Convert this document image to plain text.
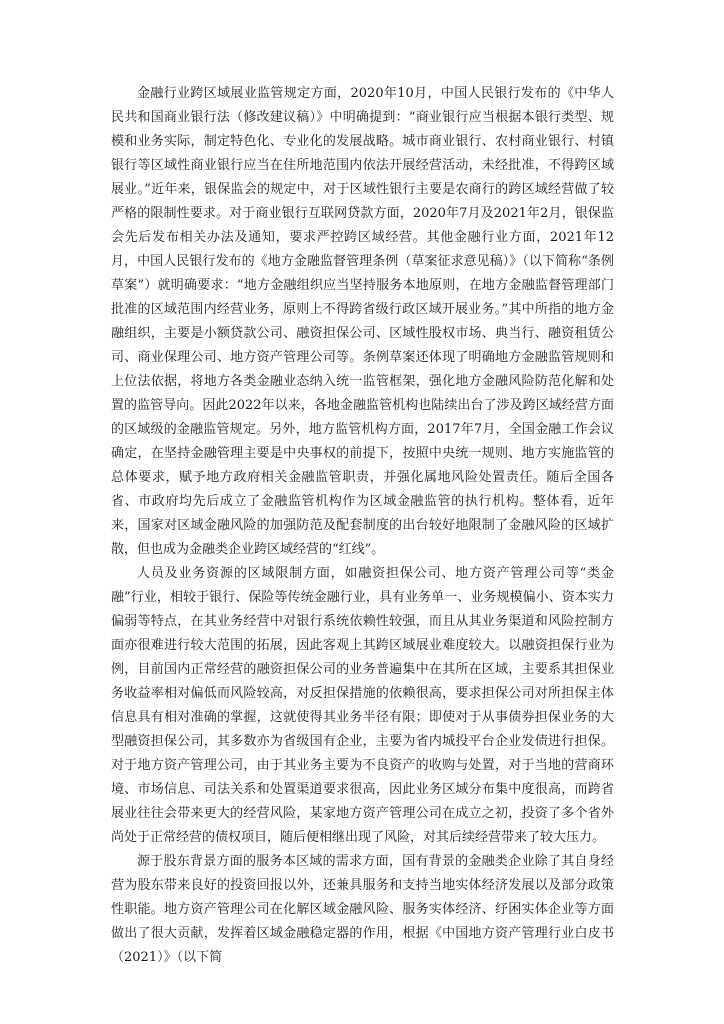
金融行业跨区域展业监管规定方面，2020年10月，中国人民银行发布的《中华人民共和国商业银行法（修改建议稿）》中明确提到：“商业银行应当根据本银行类型、规模和业务实际，制定特色化、专业化的发展战略。城市商业银行、农村商业银行、村镇银行等区域性商业银行应当在住所地范围内依法开展经营活动，未经批准，不得跨区域展业。”近年来，银保监会的规定中，对于区域性银行主要是农商行的跨区域经营做了较严格的限制性要求。对于商业银行互联网贷款方面，2020年7月及2021年2月，银保监会先后发布相关办法及通知，要求严控跨区域经营。其他金融行业方面，2021年12月，中国人民银行发布的《地方金融监督管理条例（草案征求意见稿）》（以下简称“条例草案”）就明确要求：“地方金融组织应当坚持服务本地原则，在地方金融监督管理部门批准的区域范围内经营业务，原则上不得跨省级行政区域开展业务。”其中所指的地方金融组织，主要是小额贷款公司、融资担保公司、区域性股权市场、典当行、融资租赁公司、商业保理公司、地方资产管理公司等。条例草案还体现了明确地方金融监管规则和上位法依据，将地方各类金融业态纳入统一监管框架，强化地方金融风险防范化解和处置的监管导向。因此2022年以来，各地金融监管机构也陆续出台了涉及跨区域经营方面的区域级的金融监管规定。另外，地方监管机构方面，2017年7月，全国金融工作会议确定，在坚持金融管理主要是中央事权的前提下，按照中央统一规则、地方实施监管的总体要求，赋予地方政府相关金融监管职责，并强化属地风险处置责任。随后全国各省、市政府均先后成立了金融监管机构作为区域金融监管的执行机构。整体看，近年来，国家对区域金融风险的加强防范及配套制度的出台较好地限制了金融风险的区域扩散，但也成为金融类企业跨区域经营的“红线”。

人员及业务资源的区域限制方面，如融资担保公司、地方资产管理公司等“类金融”行业，相较于银行、保险等传统金融行业，具有业务单一、业务规模偏小、资本实力偏弱等特点，在其业务经营中对银行系统依赖性较强，而且从其业务渠道和风险控制方面亦很难进行较大范围的拓展，因此客观上其跨区域展业难度较大。以融资担保行业为例，目前国内正常经营的融资担保公司的业务普遍集中在其所在区域，主要系其担保业务收益率相对偏低而风险较高，对反担保措施的依赖很高，要求担保公司对所担保主体信息具有相对准确的掌握，这就使得其业务半径有限；即使对于从事债券担保业务的大型融资担保公司，其多数亦为省级国有企业，主要为省内城投平台企业发债进行担保。对于地方资产管理公司，由于其业务主要为不良资产的收购与处置，对于当地的营商环境、市场信息、司法关系和处置渠道要求很高，因此业务区域分布集中度很高，而跨省展业往往会带来更大的经营风险，某家地方资产管理公司在成立之初，投资了多个省外尚处于正常经营的债权项目，随后便相继出现了风险，对其后续经营带来了较大压力。

源于股东背景方面的服务本区域的需求方面，国有背景的金融类企业除了其自身经营为股东带来良好的投资回报以外，还兼具服务和支持当地实体经济发展以及部分政策性职能。地方资产管理公司在化解区域金融风险、服务实体经济、纾困实体企业等方面做出了很大贡献，发挥着区域金融稳定器的作用，根据《中国地方资产管理行业白皮书（2021）》（以下简
